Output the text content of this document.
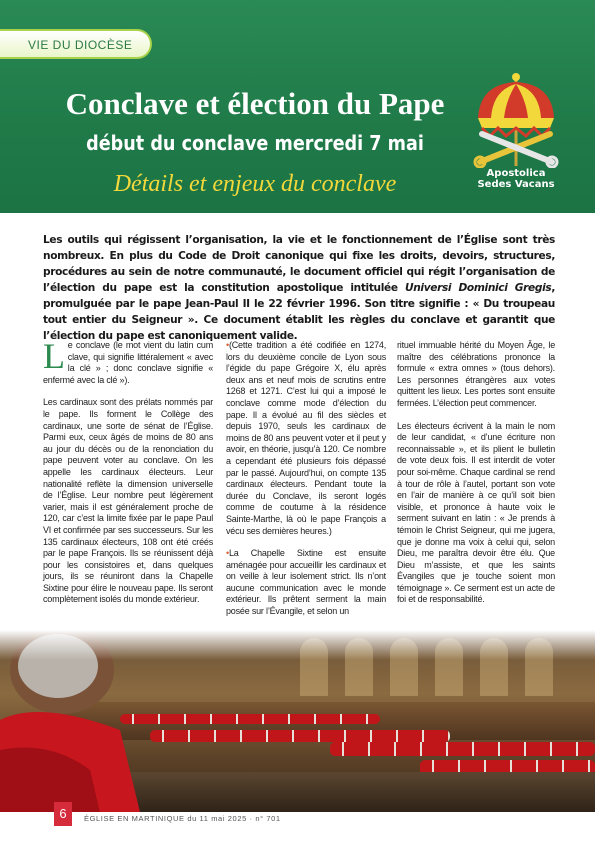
VIE DU DIOCÈSE
Conclave et élection du Pape
début du conclave mercredi 7 mai
Détails et enjeux du conclave	Apostolica
Sedes Vacans
Les outils qui régissent l’organisation, la vie et le fonctionnement de l’Église sont très nombreux. En plus du Code de Droit canonique qui fixe les droits, devoirs, structures, procédures au sein de notre communauté, le document officiel qui régit l’organisation de l’élection du pape est la constitution apostolique intitulée Universi Dominici Gregis, promulguée par le pape Jean-Paul II le 22 février 1996. Son titre signifie : « Du troupeau tout entier du Seigneur ». Ce document établit les règles du conclave et garantit que l’élection du pape est canoniquement valide.

Le conclave (le mot vient du latin cum clave, qui signifie littéralement « avec la clé » ; donc conclave signifie « enfermé avec la clé »).

Les cardinaux sont des prélats nommés par le pape. Ils forment le Collège des cardinaux, une sorte de sénat de l’Église. Parmi eux, ceux âgés de moins de 80 ans au jour du décès ou de la renonciation du pape peuvent voter au conclave. On les appelle les cardinaux électeurs. Leur nationalité reflète la dimension universelle de l’Église. Leur nombre peut légèrement varier, mais il est généralement proche de 120, car c’est la limite fixée par le pape Paul VI et confirmée par ses successeurs. Sur les 135 cardinaux électeurs, 108 ont été créés par le pape François. Ils se réunissent déjà pour les consistoires et, dans quelques jours, ils se réuniront dans la Chapelle Sixtine pour élire le nouveau pape. Ils seront complètement isolés du monde extérieur.

•(Cette tradition a été codifiée en 1274, lors du deuxième concile de Lyon sous l’égide du pape Grégoire X, élu après deux ans et neuf mois de scrutins entre 1268 et 1271. C’est lui qui a imposé le conclave comme mode d’élection du pape. Il a évolué au fil des siècles et depuis 1970, seuls les cardinaux de moins de 80 ans peuvent voter et il peut y avoir, en théorie, jusqu’à 120. Ce nombre a cependant été plusieurs fois dépassé par le passé. Aujourd’hui, on compte 135 cardinaux électeurs. Pendant toute la durée du Conclave, ils seront logés comme de coutume à la résidence Sainte-Marthe, là où le pape François a vécu ses dernières heures.)

•La Chapelle Sixtine est ensuite aménagée pour accueillir les cardinaux et on veille à leur isolement strict. Ils n’ont aucune communication avec le monde extérieur. Ils prêtent serment la main posée sur l’Évangile, et selon un

rituel immuable hérité du Moyen Âge, le maître des célébrations prononce la formule « extra omnes » (tous dehors). Les personnes étrangères aux votes quittent les lieux. Les portes sont ensuite fermées. L’élection peut commencer.

Les électeurs écrivent à la main le nom de leur candidat, « d’une écriture non reconnaissable », et ils plient le bulletin de vote deux fois. Il est interdit de voter pour soi-même. Chaque cardinal se rend à tour de rôle à l’autel, portant son vote en l’air de manière à ce qu’il soit bien visible, et prononce à haute voix le serment suivant en latin : « Je prends à témoin le Christ Seigneur, qui me jugera, que je donne ma voix à celui qui, selon Dieu, me paraîtra devoir être élu. Que Dieu m’assiste, et que les saints Évangiles que je touche soient mon témoignage ». Ce serment est un acte de foi et de responsabilité.

6	ÉGLISE EN MARTINIQUE du 11 mai 2025 · n° 701
